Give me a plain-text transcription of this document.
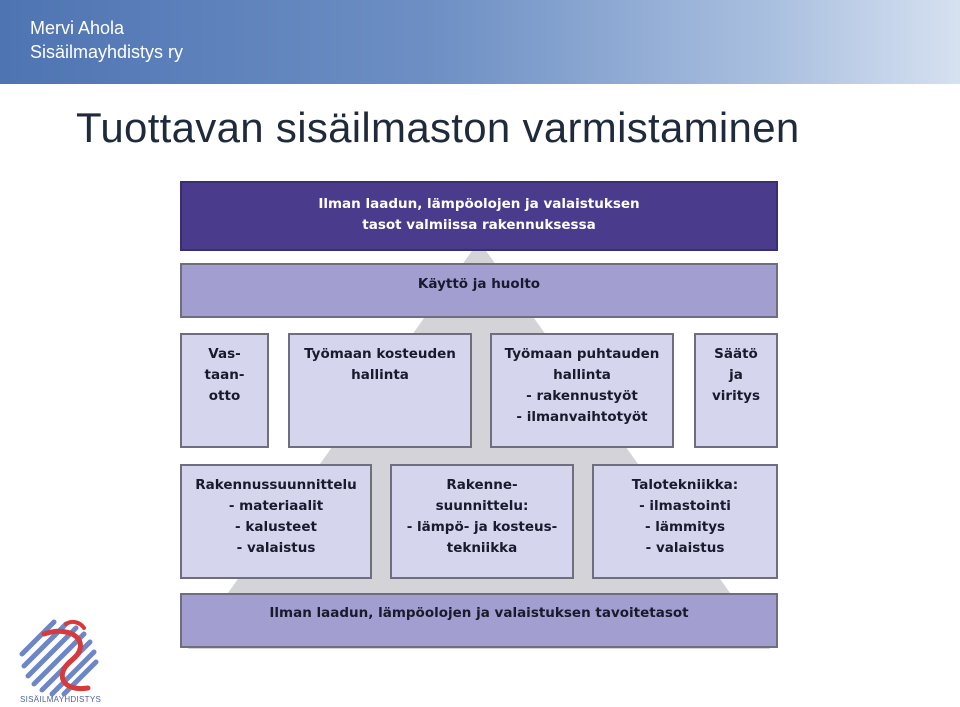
Mervi Ahola
Sisäilmayhdistys ry
Tuottavan sisäilmaston varmistaminen
Ilman laadun, lämpöolojen ja valaistuksen
tasot valmiissa rakennuksessa
Käyttö ja huolto
Vas-
taan-
otto
Työmaan kosteuden
hallinta
Työmaan puhtauden
hallinta
- rakennustyöt
- ilmanvaihtotyöt
Säätö
ja
viritys
Rakennussuunnittelu
- materiaalit
- kalusteet
- valaistus
Rakenne-
suunnittelu:
- lämpö- ja kosteus-
tekniikka
Talotekniikka:
- ilmastointi
- lämmitys
- valaistus
Ilman laadun, lämpöolojen ja valaistuksen tavoitetasot
SISÄILMAYHDISTYS
